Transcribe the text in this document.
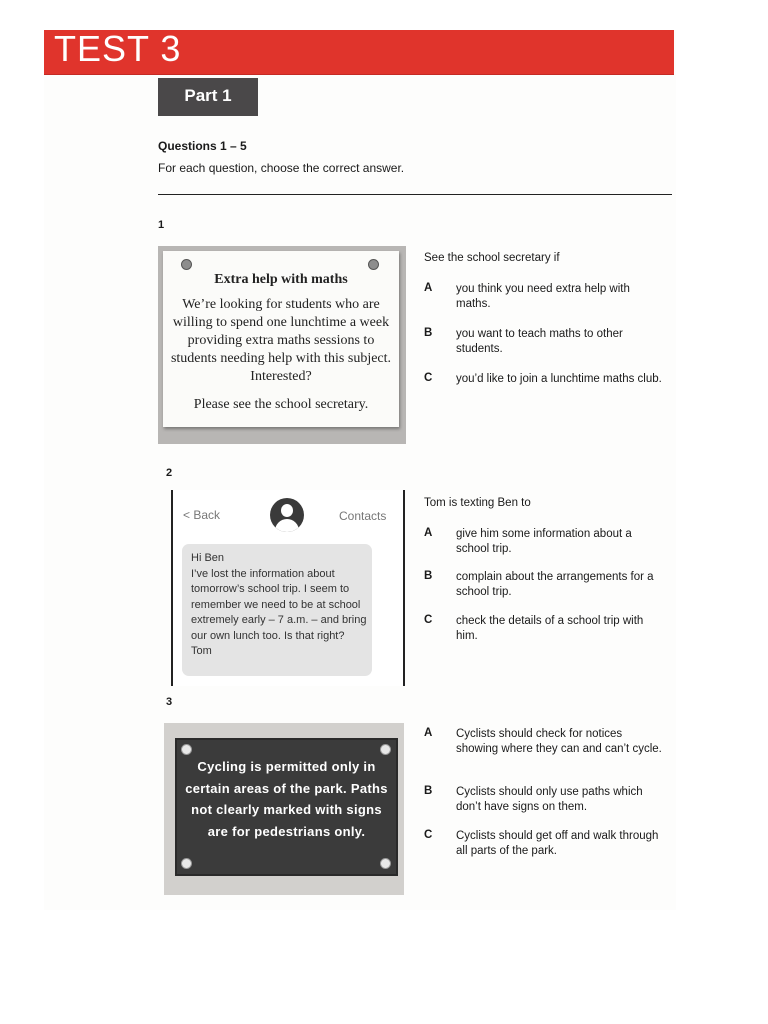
TEST 3
Part 1
Questions 1 – 5
For each question, choose the correct answer.
1
Extra help with maths
We’re looking for students who are willing to spend one lunchtime a week providing extra maths sessions to students needing help with this subject. Interested?
Please see the school secretary.
See the school secretary if
A you think you need extra help with maths.
B you want to teach maths to other students.
C you’d like to join a lunchtime maths club.
2
< Back	Contacts
Hi Ben
I’ve lost the information about tomorrow’s school trip. I seem to remember we need to be at school extremely early – 7 a.m. – and bring our own lunch too. Is that right?
Tom
Tom is texting Ben to
A give him some information about a school trip.
B complain about the arrangements for a school trip.
C check the details of a school trip with him.
3
Cycling is permitted only in certain areas of the park. Paths not clearly marked with signs are for pedestrians only.
A Cyclists should check for notices showing where they can and can’t cycle.
B Cyclists should only use paths which don’t have signs on them.
C Cyclists should get off and walk through all parts of the park.
